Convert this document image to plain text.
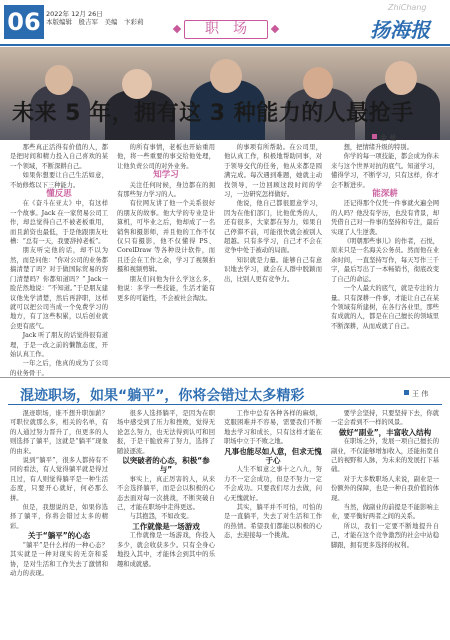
06 2022年 12月 26日
本版编辑　殷吉军　美编　卞彩莉	职　场
ZhiChang
扬海报
未来 5 年，拥有这 3 种能力的人最抢手
金 曼

那些真正活得有价值的人，都是把时间和精力投入自己喜欢的某一个领域，不断深耕自己。

如果你想要让自己生活如意，不妨修炼以下三种能力。

懂反思

在《奋斗在亚太》中，有这样一个故事。Jack 在一家贸易公司工作，却总觉得自己不被老板重用，而且薪资也最低，于是他跟朋友吐槽：“总有一天，我要辞掉老板”。

朋友听完他的话，却不以为然，而是问他：“你对公司的业务都搞清楚了吗？对于做国际贸易的窍门清楚吗？你都知道吗？” Jack一脸茫然地说：“不知道。”于是朋友建议他先学清楚，然后再辞职，这样就可以把公司当成一个免费学习的地方，有了这些积累，以后创业就会更有底气。

Jack 听了朋友的话觉得很有道理，于是一改之前的懒散态度，开始认真工作。

一年之后，他真的成为了公司的业务骨干。

的所有事情，老板也开始重用他，将一些重要的事交给他处理，让他负责公司的对外业务。

知学习

关注任何时候，身边都在的拥有那些努力学习的人。

有位网友讲了他一个关系很好的朋友的故事。他大学的专业是计算机，可毕业之后，他却成了一名销售和摄影师，并且他的工作不仅仅只有摄影，他不仅懂得 PS、CorelDraw 等各种设计软件，而且还会在工作之余，学习了视频拍摄和视频剪辑。

朋友们问他为什么学这么多，他说：多学一些技能，生活才能有更多的可能性，不会被社会淘汰。

的事项有所帮助。在公司里，他认真工作，积极地帮助同事，对于领导交代的任务，他从来都是圆满完成。每次遇到难题，她就主动找领导，一边回顾这段时间的学习，一边研究怎样做好。

他说，他自己都很愿意学习，因为在他们部门，比他优秀的人，还有很多，大家都在努力，如果自己停滞不前，可能很快就会被别人超越。只有多学习，自己才不会在竞争中处于被动的局面。

知识就是力量。能够自己有意识地去学习，就会在人群中脱颖而出，比别人更有竞争力。

想，把情绪升级的特别。

你学的每一项技能，都会成为你未来与这个世界对抗的底气。知道学习，懂得学习，不断学习，只有这样，你才会不断进步。

能深耕

还记得那个仅凭一件事就火遍全网的人吗？他没有学历，也没有背景，却凭借自己对一件事的坚持和专注，最后实现了人生逆袭。

《明朝那些事儿》的作者，石悦，原来只是一名海关公务员。然而他在业余时间，一直坚持写作，每天写作三千字，最后写出了一本畅销书，彻底改变了自己的命运。

一个人最大的底气，就是专注的力量。只有深耕一件事，才能让自己在某个领域有所建树，在各行各业里，那些有成就的人，都是在自己擅长的领域里不断深耕，从而成就了自己。

混迹职场，如果“躺平”，你将会错过太多精彩	王 伟

混迹职场，谁不想升职加薪？可职位就那么多，相关的名单，有的人通过努力晋升了，但更多的人则选择了躺平，这就是“躺平”现象的由来。

说到“躺平”，很多人都持有不同的看法，有人觉得躺平就是得过且过，有人则觉得躺平是一种生活态度，只要开心就好，何必那么拼。

但是，我想说的是，如果你选择了躺平，你将会错过太多的精彩。

关于“躺平”的心态

“躺平”是什么样的一种心态？其实就是一种对现实的无奈和妥协，是对生活和工作失去了激情和动力的表现。

很多人选择躺平，是因为在职场中感受到了压力和挫败，觉得无论怎么努力，也无法得到认可和回报，于是干脆放弃了努力，选择了随波逐流。

以突破者的心态，积极“参与”

事实上，真正厉害的人，从来不会选择躺平，而是会以积极的心态去面对每一次挑战，不断突破自己，才能在职场中走得更远。

与其抱怨，不如改变。

工作就像是一场游戏

工作就像是一场游戏，你投入多少，就会收获多少。只有全身心地投入其中，才能体会到其中的乐趣和成就感。

工作中总有各种各样的麻烦，克服困难并不容易，需要我们不断地去学习和成长，只有这样才能在职场中立于不败之地。

凡事也能尽如人意，但求无愧于心

人生不如意之事十之八九，努力不一定会成功，但是不努力一定不会成功。只要我们尽力去做，问心无愧就好。

其实，躺平并不可怕，可怕的是一直躺平，失去了对生活和工作的热情。希望我们都能以积极的心态，去迎接每一个挑战。

要学会坚持，只要坚持下去，你就一定会看到不一样的风景。

做好“副业”，丰富收入结构

在职场之外，发展一项自己擅长的副业，不仅能够增加收入，还能拓宽自己的视野和人脉，为未来的发展打下基础。

对于大多数职场人来说，副业是一份额外的保障，也是一种自我价值的体现。

当然，做副业的前提是不能影响主业，要平衡好两者之间的关系。

所以，我们一定要不断地提升自己，才能在这个竞争激烈的社会中站稳脚跟，拥有更多选择的权利。
